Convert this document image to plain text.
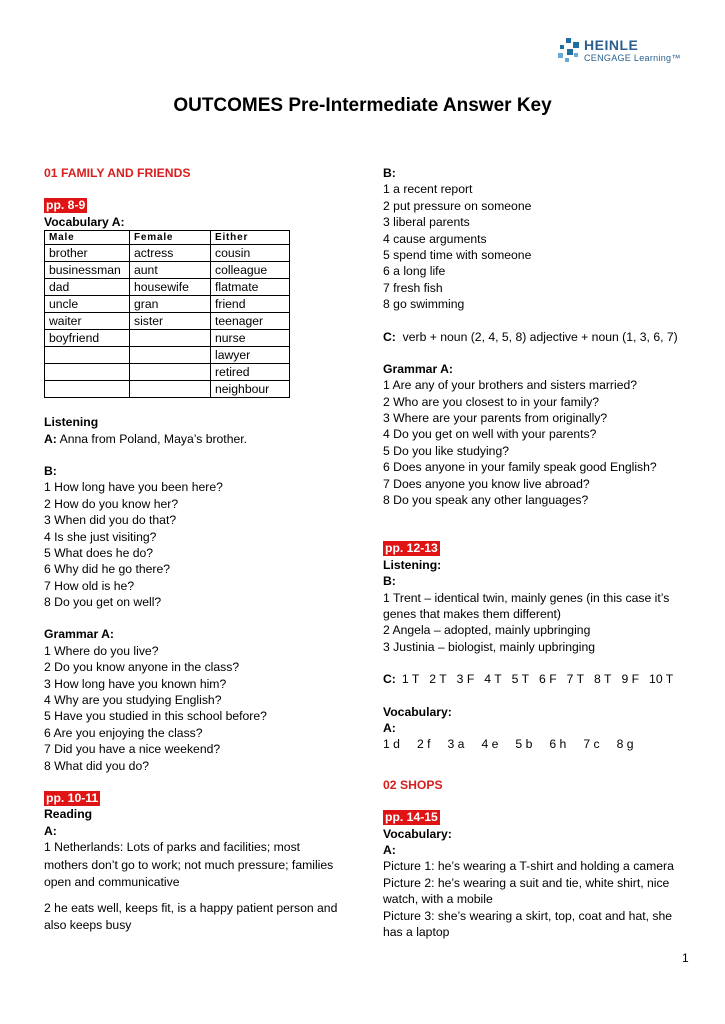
HEINLE
CENGAGE Learning™
OUTCOMES Pre-Intermediate Answer Key
01 FAMILY AND FRIENDS
pp. 8-9
Vocabulary A:
Male	Female	Either
brother	actress	cousin
businessman	aunt	colleague
dad	housewife	flatmate
uncle	gran	friend
waiter	sister	teenager
boyfriend		nurse
		lawyer
		retired
		neighbour
Listening
A: Anna from Poland, Maya’s brother.
B:
1 How long have you been here?
2 How do you know her?
3 When did you do that?
4 Is she just visiting?
5 What does he do?
6 Why did he go there?
7 How old is he?
8 Do you get on well?
Grammar A:
1 Where do you live?
2 Do you know anyone in the class?
3 How long have you known him?
4 Why are you studying English?
5 Have you studied in this school before?
6 Are you enjoying the class?
7 Did you have a nice weekend?
8 What did you do?
pp. 10-11
Reading
A:
1 Netherlands: Lots of parks and facilities; most mothers don’t go to work; not much pressure; families open and communicative
2 he eats well, keeps fit, is a happy patient person and also keeps busy
B:
1 a recent report
2 put pressure on someone
3 liberal parents
4 cause arguments
5 spend time with someone
6 a long life
7 fresh fish
8 go swimming
C:  verb + noun (2, 4, 5, 8) adjective + noun (1, 3, 6, 7)
Grammar A:
1 Are any of your brothers and sisters married?
2 Who are you closest to in your family?
3 Where are your parents from originally?
4 Do you get on well with your parents?
5 Do you like studying?
6 Does anyone in your family speak good English?
7 Does anyone you know live abroad?
8 Do you speak any other languages?
pp. 12-13
Listening:
B:
1 Trent – identical twin, mainly genes (in this case it’s genes that makes them different)
2 Angela – adopted, mainly upbringing
3 Justinia – biologist, mainly upbringing
C: 1 T 2 T 3 F 4 T 5 T 6 F 7 T 8 T 9 F 10 T
Vocabulary:
A:
1 d 2 f 3 a 4 e 5 b 6 h 7 c 8 g
02 SHOPS
pp. 14-15
Vocabulary:
A:
Picture 1: he’s wearing a T-shirt and holding a camera
Picture 2: he’s wearing a suit and tie, white shirt, nice watch, with a mobile
Picture 3: she’s wearing a skirt, top, coat and hat, she has a laptop
1
